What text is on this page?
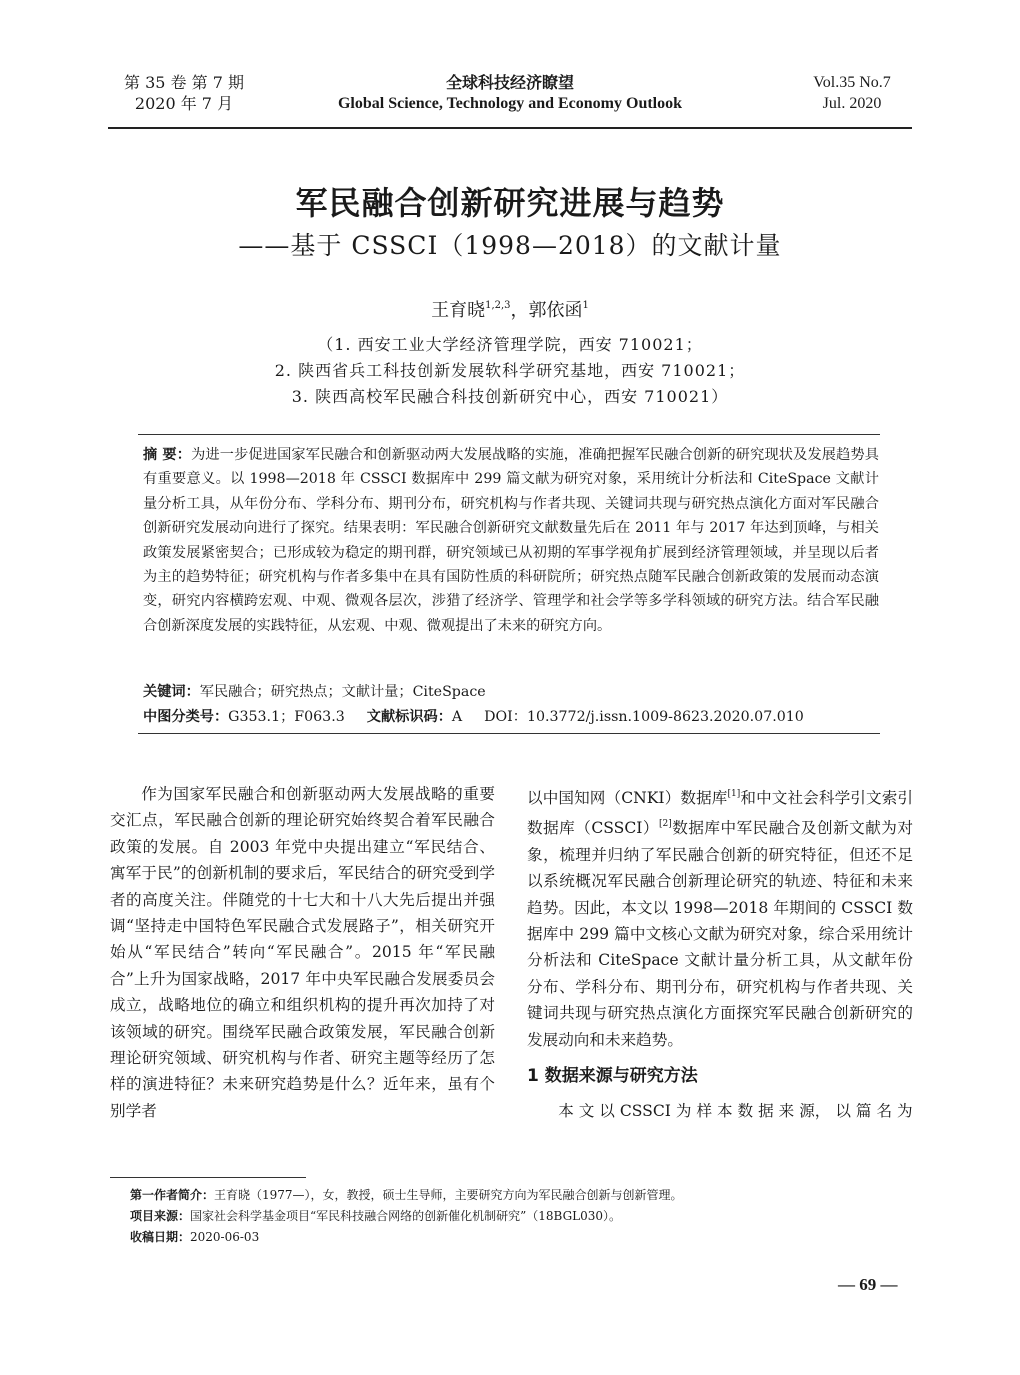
第 35 卷 第 7 期
2020 年 7 月
全球科技经济瞭望
Global Science, Technology and Economy Outlook
Vol.35 No.7
Jul. 2020
军民融合创新研究进展与趋势
——基于 CSSCI（1998—2018）的文献计量
王育晓$^{1,2,3}$，郭依函$^1$
（1. 西安工业大学经济管理学院，西安 710021；
2. 陕西省兵工科技创新发展软科学研究基地，西安 710021；
3. 陕西高校军民融合科技创新研究中心，西安 710021）
摘 要：为进一步促进国家军民融合和创新驱动两大发展战略的实施，准确把握军民融合创新的研究现状及发展趋势具有重要意义。以 1998—2018 年 CSSCI 数据库中 299 篇文献为研究对象，采用统计分析法和 CiteSpace 文献计量分析工具，从年份分布、学科分布、期刊分布，研究机构与作者共现、关键词共现与研究热点演化方面对军民融合创新研究发展动向进行了探究。结果表明：军民融合创新研究文献数量先后在 2011 年与 2017 年达到顶峰，与相关政策发展紧密契合；已形成较为稳定的期刊群，研究领域已从初期的军事学视角扩展到经济管理领域，并呈现以后者为主的趋势特征；研究机构与作者多集中在具有国防性质的科研院所；研究热点随军民融合创新政策的发展而动态演变，研究内容横跨宏观、中观、微观各层次，涉猎了经济学、管理学和社会学等多学科领域的研究方法。结合军民融合创新深度发展的实践特征，从宏观、中观、微观提出了未来的研究方向。
关键词：军民融合；研究热点；文献计量；CiteSpace
中图分类号：G353.1；F063.3 文献标识码：A DOI：10.3772/j.issn.1009-8623.2020.07.010
作为国家军民融合和创新驱动两大发展战略的重要交汇点，军民融合创新的理论研究始终契合着军民融合政策的发展。自 2003 年党中央提出建立“军民结合、寓军于民”的创新机制的要求后，军民结合的研究受到学者的高度关注。伴随党的十七大和十八大先后提出并强调“坚持走中国特色军民融合式发展路子”，相关研究开始从“军民结合”转向“军民融合”。2015 年“军民融合”上升为国家战略，2017 年中央军民融合发展委员会成立，战略地位的确立和组织机构的提升再次加持了对该领域的研究。围绕军民融合政策发展，军民融合创新理论研究领域、研究机构与作者、研究主题等经历了怎样的演进特征？未来研究趋势是什么？近年来，虽有个别学者
以中国知网（CNKI）数据库[1]和中文社会科学引文索引数据库（CSSCI）[2]数据库中军民融合及创新文献为对象，梳理并归纳了军民融合创新的研究特征，但还不足以系统概况军民融合创新理论研究的轨迹、特征和未来趋势。因此，本文以 1998—2018 年期间的 CSSCI 数据库中 299 篇中文核心文献为研究对象，综合采用统计分析法和 CiteSpace 文献计量分析工具，从文献年份分布、学科分布、期刊分布，研究机构与作者共现、关键词共现与研究热点演化方面探究军民融合创新研究的发展动向和未来趋势。
1 数据来源与研究方法
本 文 以 CSSCI 为 样 本 数 据 来 源， 以 篇 名 为
第一作者简介：王育晓（1977—），女，教授，硕士生导师，主要研究方向为军民融合创新与创新管理。
项目来源：国家社会科学基金项目“军民科技融合网络的创新催化机制研究”（18BGL030）。
收稿日期：2020-06-03
— 69 —
